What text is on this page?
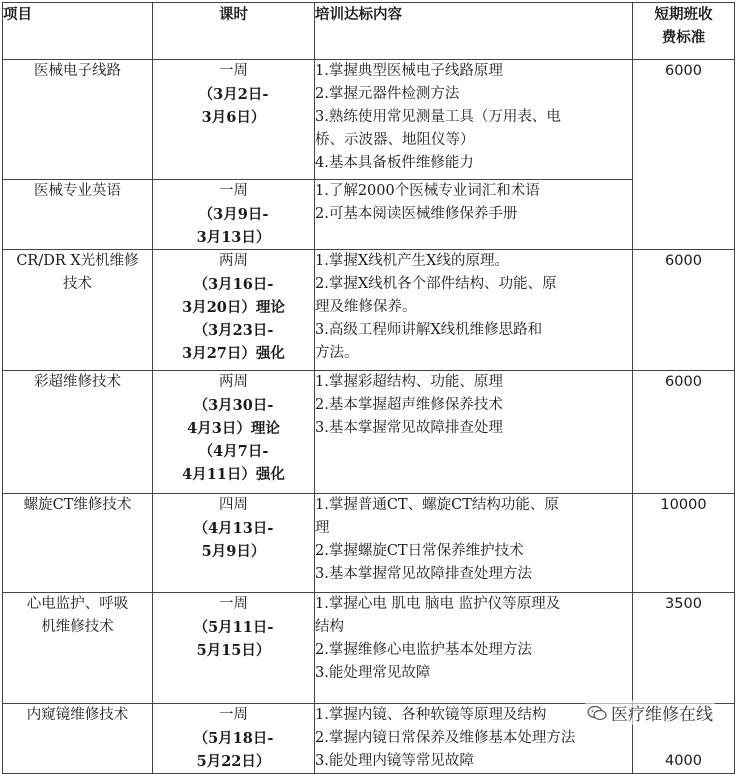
项目	课时	培训达标内容	短期班收
费标准

医械电子线路	一周
（3月2日-
3月6日）	1.掌握典型医械电子线路原理
2.掌握元器件检测方法
3.熟练使用常见测量工具（万用表、电
桥、示波器、地阻仪等）
4.基本具备板件维修能力	6000

医械专业英语	一周
（3月9日-
3月13日）	1.了解2000个医械专业词汇和术语
2.可基本阅读医械维修保养手册	

CR/DR X光机维修
技术	两周
（3月16日-
3月20日）理论
（3月23日-
3月27日）强化	1.掌握X线机产生X线的原理。
2.掌握X线机各个部件结构、功能、原
理及维修保养。
3.高级工程师讲解X线机维修思路和
方法。	6000

彩超维修技术	两周
（3月30日-
4月3日）理论
（4月7日-
4月11日）强化	1.掌握彩超结构、功能、原理
2.基本掌握超声维修保养技术
3.基本掌握常见故障排查处理	6000

螺旋CT维修技术	四周
（4月13日-
5月9日）	1.掌握普通CT、螺旋CT结构功能、原
理
2.掌握螺旋CT日常保养维护技术
3.基本掌握常见故障排查处理方法	10000

心电监护、呼吸
机维修技术	一周
（5月11日-
5月15日）	1.掌握心电 肌电 脑电 监护仪等原理及
结构
2.掌握维修心电监护基本处理方法
3.能处理常见故障	3500

内窥镜维修技术	一周
（5月18日-
5月22日）	1.掌握内镜、各种软镜等原理及结构
2.掌握内镜日常保养及维修基本处理方法
3.能处理内镜等常见故障	4000
医疗维修在线
